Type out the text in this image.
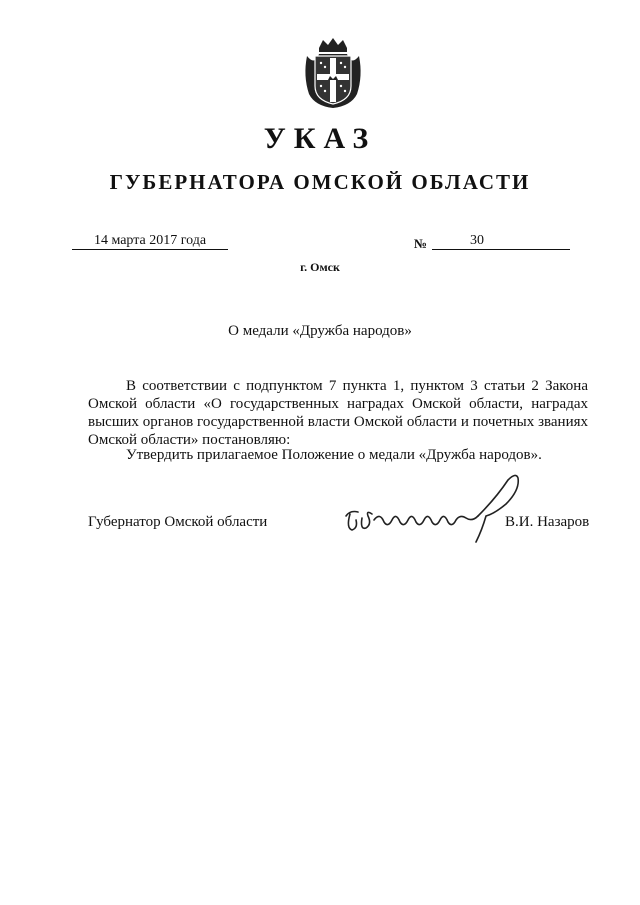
УКАЗ
ГУБЕРНАТОРА ОМСКОЙ ОБЛАСТИ
14 марта 2017 года	№	30
г. Омск
О медали «Дружба народов»
В соответствии с подпунктом 7 пункта 1, пунктом 3 статьи 2 Закона Омской области «О государственных наградах Омской области, наградах высших органов государственной власти Омской области и почетных званиях Омской области» постановляю:
Утвердить прилагаемое Положение о медали «Дружба народов».
Губернатор Омской области	В.И. Назаров
